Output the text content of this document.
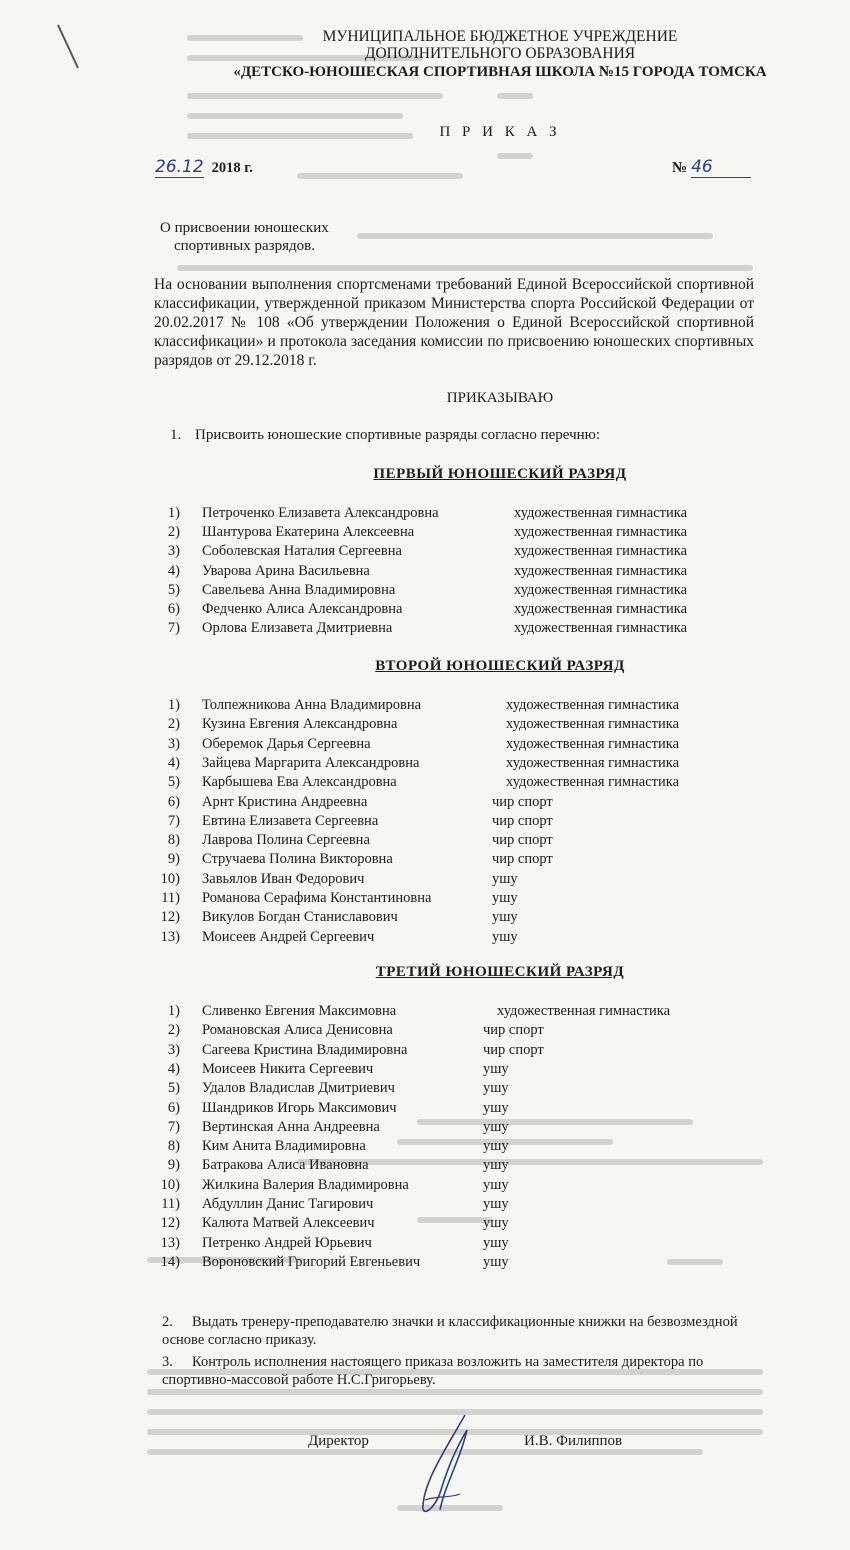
МУНИЦИПАЛЬНОЕ БЮДЖЕТНОЕ УЧРЕЖДЕНИЕ
ДОПОЛНИТЕЛЬНОГО ОБРАЗОВАНИЯ
«ДЕТСКО-ЮНОШЕСКАЯ СПОРТИВНАЯ ШКОЛА №15 ГОРОДА ТОМСКА
П Р И К А З
26.12 2018 г.	№ 46
О присвоении юношеских
спортивных разрядов.
На основании выполнения спортсменами требований Единой Всероссийской спортивной классификации, утвержденной приказом Министерства спорта Российской Федерации от 20.02.2017 № 108 «Об утверждении Положения о Единой Всероссийской спортивной классификации» и протокола заседания комиссии по присвоению юношеских спортивных разрядов от 29.12.2018 г.
ПРИКАЗЫВАЮ
1. Присвоить юношеские спортивные разряды согласно перечню:
ПЕРВЫЙ ЮНОШЕСКИЙ РАЗРЯД
1) Петроченко Елизавета Александровна	художественная гимнастика
2) Шантурова Екатерина Алексеевна	художественная гимнастика
3) Соболевская Наталия Сергеевна	художественная гимнастика
4) Уварова Арина Васильевна	художественная гимнастика
5) Савельева Анна Владимировна	художественная гимнастика
6) Федченко Алиса Александровна	художественная гимнастика
7) Орлова Елизавета Дмитриевна	художественная гимнастика
ВТОРОЙ ЮНОШЕСКИЙ РАЗРЯД
1) Толпежникова Анна Владимировна	художественная гимнастика
2) Кузина Евгения Александровна	художественная гимнастика
3) Оберемок Дарья Сергеевна	художественная гимнастика
4) Зайцева Маргарита Александровна	художественная гимнастика
5) Карбышева Ева Александровна	художественная гимнастика
6) Арнт Кристина Андреевна	чир спорт
7) Евтина Елизавета Сергеевна	чир спорт
8) Лаврова Полина Сергеевна	чир спорт
9) Стручаева Полина Викторовна	чир спорт
10) Завьялов Иван Федорович	ушу
11) Романова Серафима Константиновна	ушу
12) Викулов Богдан Станиславович	ушу
13) Моисеев Андрей Сергеевич	ушу
ТРЕТИЙ ЮНОШЕСКИЙ РАЗРЯД
1) Сливенко Евгения Максимовна	художественная гимнастика
2) Романовская Алиса Денисовна	чир спорт
3) Сагеева Кристина Владимировна	чир спорт
4) Моисеев Никита Сергеевич	ушу
5) Удалов Владислав Дмитриевич	ушу
6) Шандриков Игорь Максимович	ушу
7) Вертинская Анна Андреевна	ушу
8) Ким Анита Владимировна	ушу
9) Батракова Алиса Ивановна	ушу
10) Жилкина Валерия Владимировна	ушу
11) Абдуллин Данис Тагирович	ушу
12) Калюта Матвей Алексеевич	ушу
13) Петренко Андрей Юрьевич	ушу
14) Вороновский Григорий Евгеньевич	ушу
2. Выдать тренеру-преподавателю значки и классификационные книжки на безвозмездной основе согласно приказу.
3. Контроль исполнения настоящего приказа возложить на заместителя директора по спортивно-массовой работе Н.С.Григорьеву.
Директор	И.В. Филиппов
